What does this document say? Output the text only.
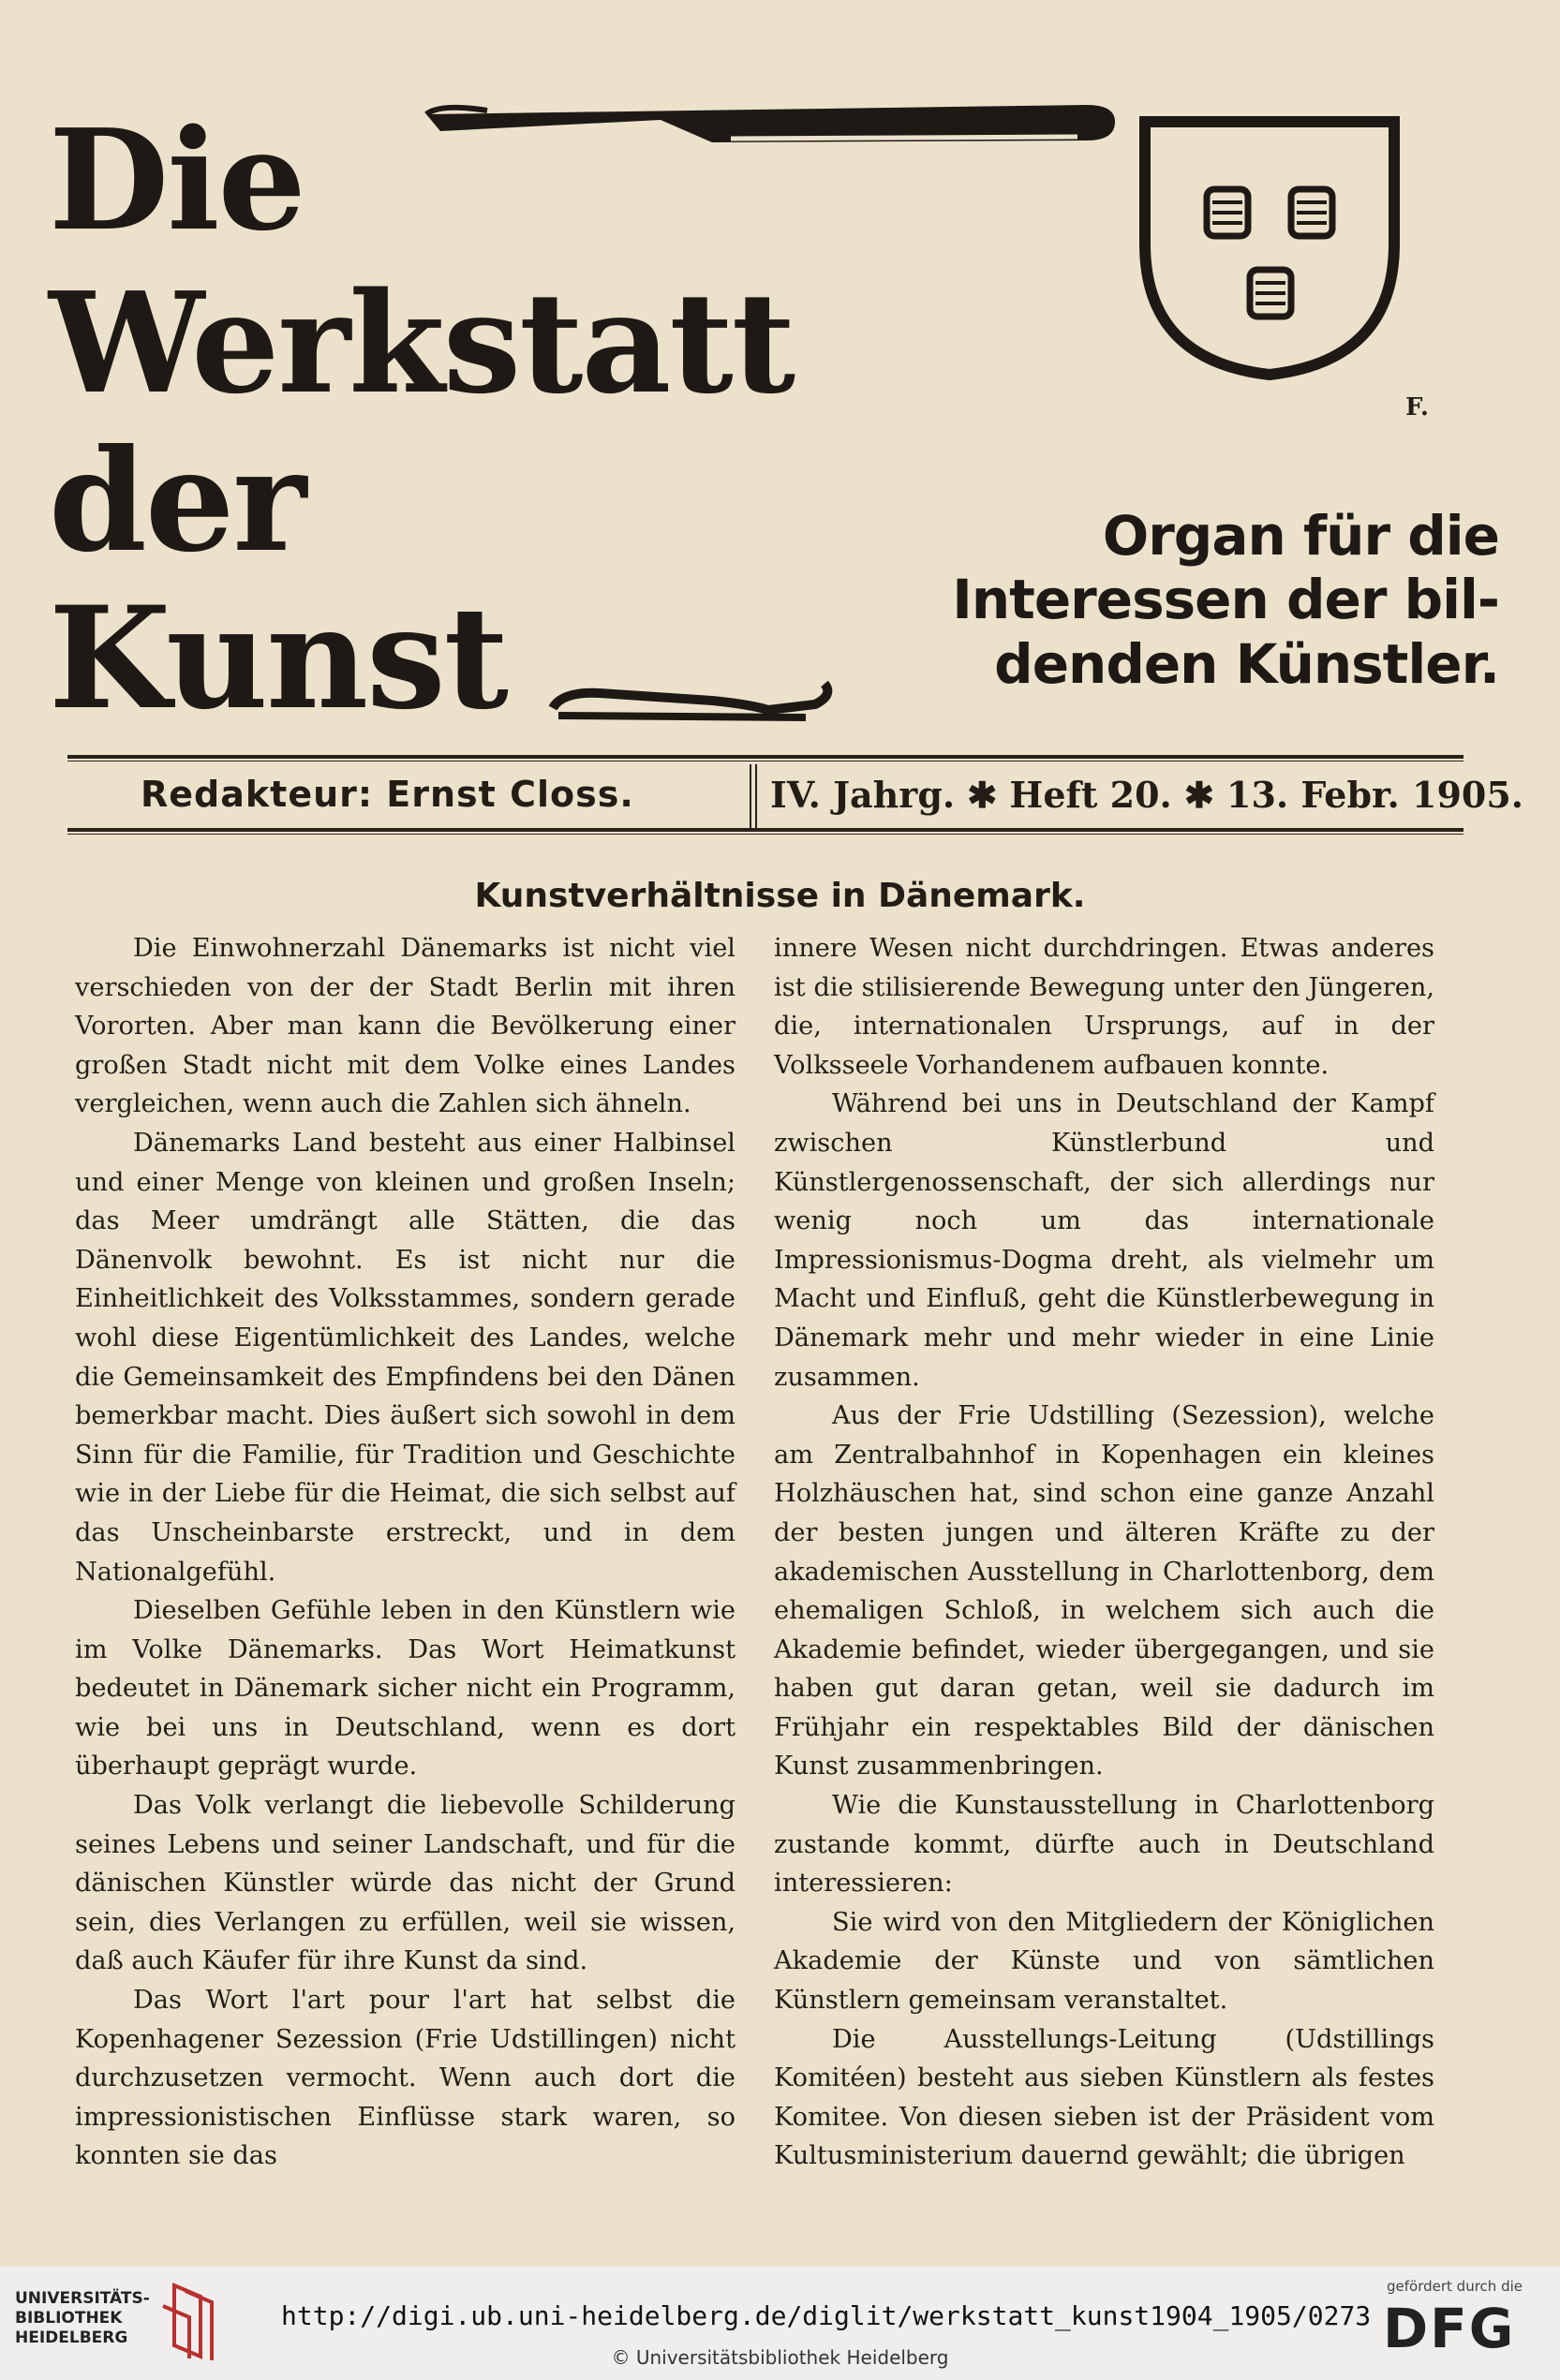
Die
Werkstatt
der
Kunst
F.
Organ für die
Interessen der bil-
denden Künstler.
Redakteur: Ernst Closs.	IV. Jahrg. ✱ Heft 20. ✱ 13. Febr. 1905.
Kunstverhältnisse in Dänemark.

Die Einwohnerzahl Dänemarks ist nicht viel verschieden von der der Stadt Berlin mit ihren Vororten. Aber man kann die Bevölkerung einer großen Stadt nicht mit dem Volke eines Landes vergleichen, wenn auch die Zahlen sich ähneln.

Dänemarks Land besteht aus einer Halbinsel und einer Menge von kleinen und großen Inseln; das Meer umdrängt alle Stätten, die das Dänenvolk bewohnt. Es ist nicht nur die Einheitlichkeit des Volksstammes, sondern gerade wohl diese Eigentümlichkeit des Landes, welche die Gemeinsamkeit des Empfindens bei den Dänen bemerkbar macht. Dies äußert sich sowohl in dem Sinn für die Familie, für Tradition und Geschichte wie in der Liebe für die Heimat, die sich selbst auf das Unscheinbarste erstreckt, und in dem Nationalgefühl.

Dieselben Gefühle leben in den Künstlern wie im Volke Dänemarks. Das Wort Heimatkunst bedeutet in Dänemark sicher nicht ein Programm, wie bei uns in Deutschland, wenn es dort überhaupt geprägt wurde.

Das Volk verlangt die liebevolle Schilderung seines Lebens und seiner Landschaft, und für die dänischen Künstler würde das nicht der Grund sein, dies Verlangen zu erfüllen, weil sie wissen, daß auch Käufer für ihre Kunst da sind.

Das Wort l'art pour l'art hat selbst die Kopenhagener Sezession (Frie Udstillingen) nicht durchzusetzen vermocht. Wenn auch dort die impressionistischen Einflüsse stark waren, so konnten sie das

innere Wesen nicht durchdringen. Etwas anderes ist die stilisierende Bewegung unter den Jüngeren, die, internationalen Ursprungs, auf in der Volksseele Vorhandenem aufbauen konnte.

Während bei uns in Deutschland der Kampf zwischen Künstlerbund und Künstlergenossenschaft, der sich allerdings nur wenig noch um das internationale Impressionismus-Dogma dreht, als vielmehr um Macht und Einfluß, geht die Künstlerbewegung in Dänemark mehr und mehr wieder in eine Linie zusammen.

Aus der Frie Udstilling (Sezession), welche am Zentralbahnhof in Kopenhagen ein kleines Holzhäuschen hat, sind schon eine ganze Anzahl der besten jungen und älteren Kräfte zu der akademischen Ausstellung in Charlottenborg, dem ehemaligen Schloß, in welchem sich auch die Akademie befindet, wieder übergegangen, und sie haben gut daran getan, weil sie dadurch im Frühjahr ein respektables Bild der dänischen Kunst zusammenbringen.

Wie die Kunstausstellung in Charlottenborg zustande kommt, dürfte auch in Deutschland interessieren:

Sie wird von den Mitgliedern der Königlichen Akademie der Künste und von sämtlichen Künstlern gemeinsam veranstaltet.

Die Ausstellungs-Leitung (Udstillings Komitéen) besteht aus sieben Künstlern als festes Komitee. Von diesen sieben ist der Präsident vom Kultusministerium dauernd gewählt; die übrigen

UNIVERSITÄTS-
BIBLIOTHEK
HEIDELBERG
http://digi.ub.uni-heidelberg.de/diglit/werkstatt_kunst1904_1905/0273
© Universitätsbibliothek Heidelberg
gefördert durch die
DFG
